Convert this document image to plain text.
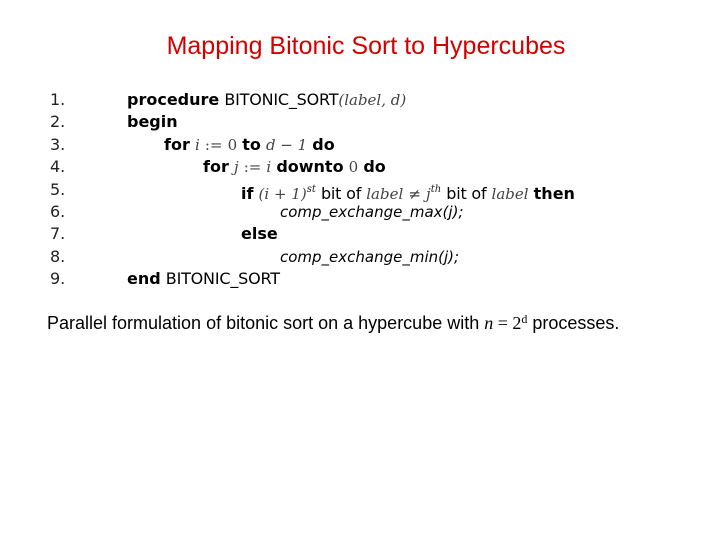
Mapping Bitonic Sort to Hypercubes
1.	procedure BITONIC_SORT(label, d)
2.	begin
3.	for i := 0 to d − 1 do
4.	for j := i downto 0 do
5.	if $(i + 1)^{st}$ bit of label ≠ $j^{th}$ bit of label then
6.	comp_exchange_max(j);
7.	else
8.	comp_exchange_min(j);
9.	end BITONIC_SORT
Parallel formulation of bitonic sort on a hypercube with $n = 2^d$ processes.
